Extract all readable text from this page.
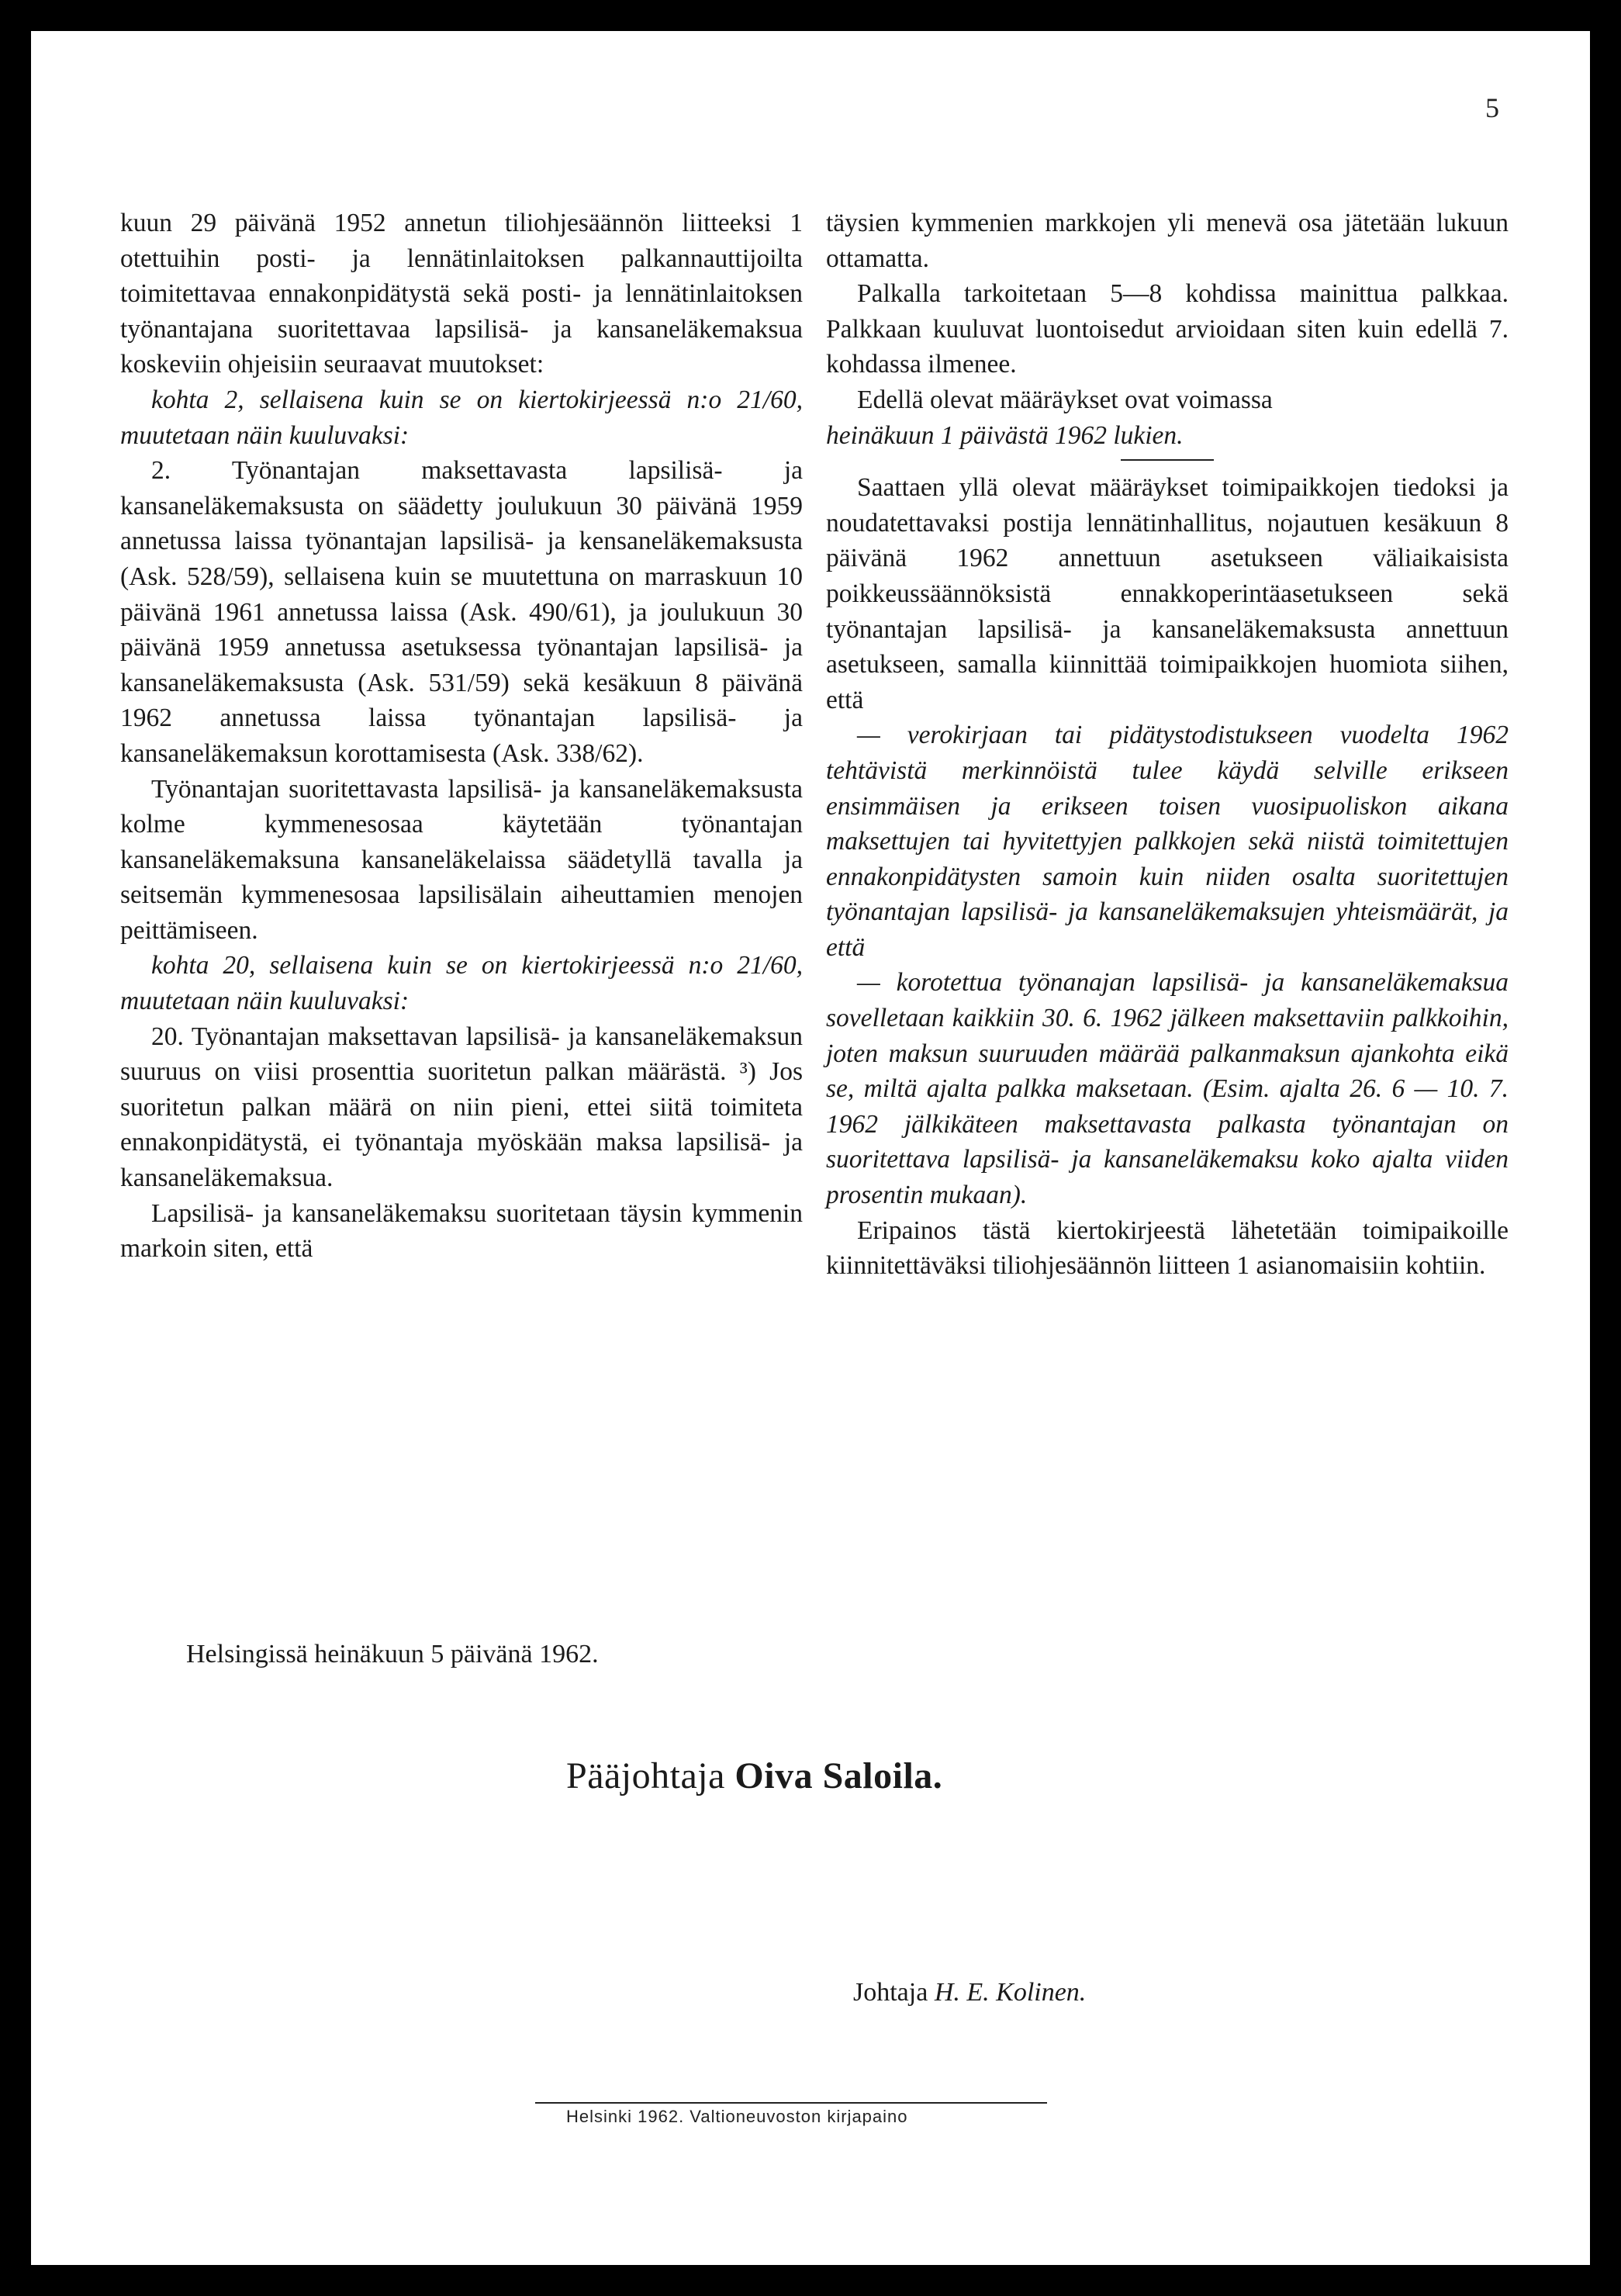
5

kuun 29 päivänä 1952 annetun tiliohjesäännön liitteeksi 1 otettuihin posti- ja lennätinlaitoksen palkannauttijoilta toimitettavaa ennakonpidätystä sekä posti- ja lennätinlaitoksen työnantajana suoritettavaa lapsilisä- ja kansaneläkemaksua koskeviin ohjeisiin seuraavat muutokset:

kohta 2, sellaisena kuin se on kiertokirjeessä n:o 21/60, muutetaan näin kuuluvaksi:

2. Työnantajan maksettavasta lapsilisä- ja kansaneläkemaksusta on säädetty joulukuun 30 päivänä 1959 annetussa laissa työnantajan lapsilisä- ja kensaneläkemaksusta (Ask. 528/59), sellaisena kuin se muutettuna on marraskuun 10 päivänä 1961 annetussa laissa (Ask. 490/61), ja joulukuun 30 päivänä 1959 annetussa asetuksessa työnantajan lapsilisä- ja kansaneläkemaksusta (Ask. 531/59) sekä kesäkuun 8 päivänä 1962 annetussa laissa työnantajan lapsilisä- ja kansaneläkemaksun korottamisesta (Ask. 338/62).

Työnantajan suoritettavasta lapsilisä- ja kansaneläkemaksusta kolme kymmenesosaa käytetään työnantajan kansaneläkemaksuna kansaneläkelaissa säädetyllä tavalla ja seitsemän kymmenesosaa lapsilisälain aiheuttamien menojen peittämiseen.

kohta 20, sellaisena kuin se on kiertokirjeessä n:o 21/60, muutetaan näin kuuluvaksi:

20. Työnantajan maksettavan lapsilisä- ja kansaneläkemaksun suuruus on viisi prosenttia suoritetun palkan määrästä. ³) Jos suoritetun palkan määrä on niin pieni, ettei siitä toimiteta ennakonpidätystä, ei työnantaja myöskään maksa lapsilisä- ja kansaneläkemaksua.

Lapsilisä- ja kansaneläkemaksu suoritetaan täysin kymmenin markoin siten, että

täysien kymmenien markkojen yli menevä osa jätetään lukuun ottamatta.

Palkalla tarkoitetaan 5—8 kohdissa mainittua palkkaa. Palkkaan kuuluvat luontoisedut arvioidaan siten kuin edellä 7. kohdassa ilmenee.

Edellä olevat määräykset ovat voimassa

heinäkuun 1 päivästä 1962 lukien.

Saattaen yllä olevat määräykset toimipaikkojen tiedoksi ja noudatettavaksi postija lennätinhallitus, nojautuen kesäkuun 8 päivänä 1962 annettuun asetukseen väliaikaisista poikkeussäännöksistä ennakkoperintäasetukseen sekä työnantajan lapsilisä- ja kansaneläkemaksusta annettuun asetukseen, samalla kiinnittää toimipaikkojen huomiota siihen, että

— verokirjaan tai pidätystodistukseen vuodelta 1962 tehtävistä merkinnöistä tulee käydä selville erikseen ensimmäisen ja erikseen toisen vuosipuoliskon aikana maksettujen tai hyvitettyjen palkkojen sekä niistä toimitettujen ennakonpidätysten samoin kuin niiden osalta suoritettujen työnantajan lapsilisä- ja kansaneläkemaksujen yhteismäärät, ja että

— korotettua työnanajan lapsilisä- ja kansaneläkemaksua sovelletaan kaikkiin 30. 6. 1962 jälkeen maksettaviin palkkoihin, joten maksun suuruuden määrää palkanmaksun ajankohta eikä se, miltä ajalta palkka maksetaan. (Esim. ajalta 26. 6 — 10. 7. 1962 jälkikäteen maksettavasta palkasta työnantajan on suoritettava lapsilisä- ja kansaneläkemaksu koko ajalta viiden prosentin mukaan).

Eripainos tästä kiertokirjeestä lähetetään toimipaikoille kiinnitettäväksi tiliohjesäännön liitteen 1 asianomaisiin kohtiin.

Helsingissä heinäkuun 5 päivänä 1962.
Pääjohtaja Oiva Saloila.
Johtaja H. E. Kolinen.
Helsinki 1962. Valtioneuvoston kirjapaino
